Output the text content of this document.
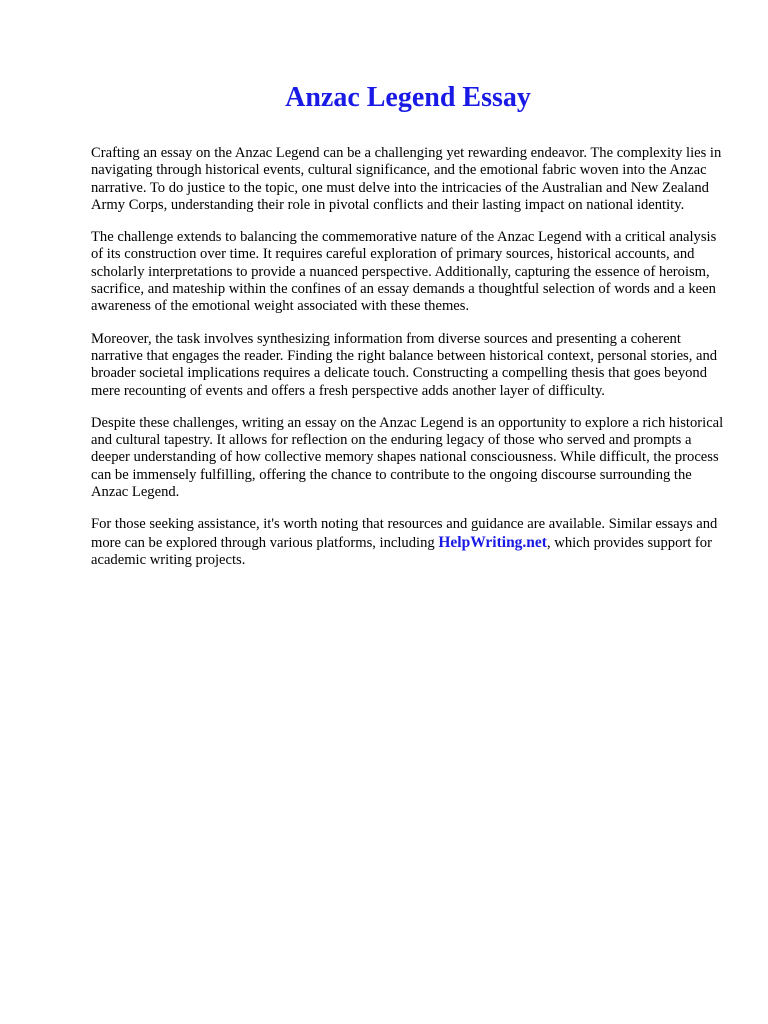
Anzac Legend Essay

Crafting an essay on the Anzac Legend can be a challenging yet rewarding endeavor. The complexity lies in navigating through historical events, cultural significance, and the emotional fabric woven into the Anzac narrative. To do justice to the topic, one must delve into the intricacies of the Australian and New Zealand Army Corps, understanding their role in pivotal conflicts and their lasting impact on national identity.

The challenge extends to balancing the commemorative nature of the Anzac Legend with a critical analysis of its construction over time. It requires careful exploration of primary sources, historical accounts, and scholarly interpretations to provide a nuanced perspective. Additionally, capturing the essence of heroism, sacrifice, and mateship within the confines of an essay demands a thoughtful selection of words and a keen awareness of the emotional weight associated with these themes.

Moreover, the task involves synthesizing information from diverse sources and presenting a coherent narrative that engages the reader. Finding the right balance between historical context, personal stories, and broader societal implications requires a delicate touch. Constructing a compelling thesis that goes beyond mere recounting of events and offers a fresh perspective adds another layer of difficulty.

Despite these challenges, writing an essay on the Anzac Legend is an opportunity to explore a rich historical and cultural tapestry. It allows for reflection on the enduring legacy of those who served and prompts a deeper understanding of how collective memory shapes national consciousness. While difficult, the process can be immensely fulfilling, offering the chance to contribute to the ongoing discourse surrounding the Anzac Legend.

For those seeking assistance, it's worth noting that resources and guidance are available. Similar essays and more can be explored through various platforms, including HelpWriting.net, which provides support for academic writing projects.
